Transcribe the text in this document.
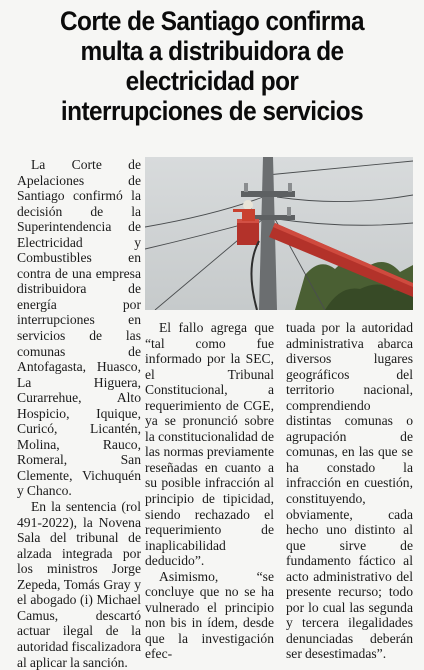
Corte de Santiago confirma
multa a distribuidora de
electricidad por
interrupciones de servicios

La Corte de Apelaciones de Santiago confirmó la decisión de la Superintendencia de Electricidad y Combustibles en contra de una empresa distribuidora de energía por interrupciones en servicios de las comunas de Antofagasta, Huasco, La Higuera, Curarrehue, Alto Hospicio, Iquique, Curicó, Licantén, Molina, Rauco, Romeral, San Clemente, Vichuquén y Chanco.

En la sentencia (rol 491-2022), la Novena Sala del tribunal de alzada integrada por los ministros Jorge Zepeda, Tomás Gray y el abogado (i) Michael Camus, descartó actuar ilegal de la autoridad fiscalizadora al aplicar la sanción.

El fallo agrega que “tal como fue informado por la SEC, el Tribunal Constitucional, a requerimiento de CGE, ya se pronunció sobre la constitucionalidad de las normas previamente reseñadas en cuanto a su posible infracción al principio de tipicidad, siendo rechazado el requerimiento de inaplicabilidad deducido”.

Asimismo, “se concluye que no se ha vulnerado el principio non bis in ídem, desde que la investigación efec-

tuada por la autoridad administrativa abarca diversos lugares geográficos del territorio nacional, comprendiendo distintas comunas o agrupación de comunas, en las que se ha constado la infracción en cuestión, constituyendo, obviamente, cada hecho uno distinto al que sirve de fundamento fáctico al acto administrativo del presente recurso; todo por lo cual las segunda y tercera ilegalidades denunciadas deberán ser desestimadas”.
